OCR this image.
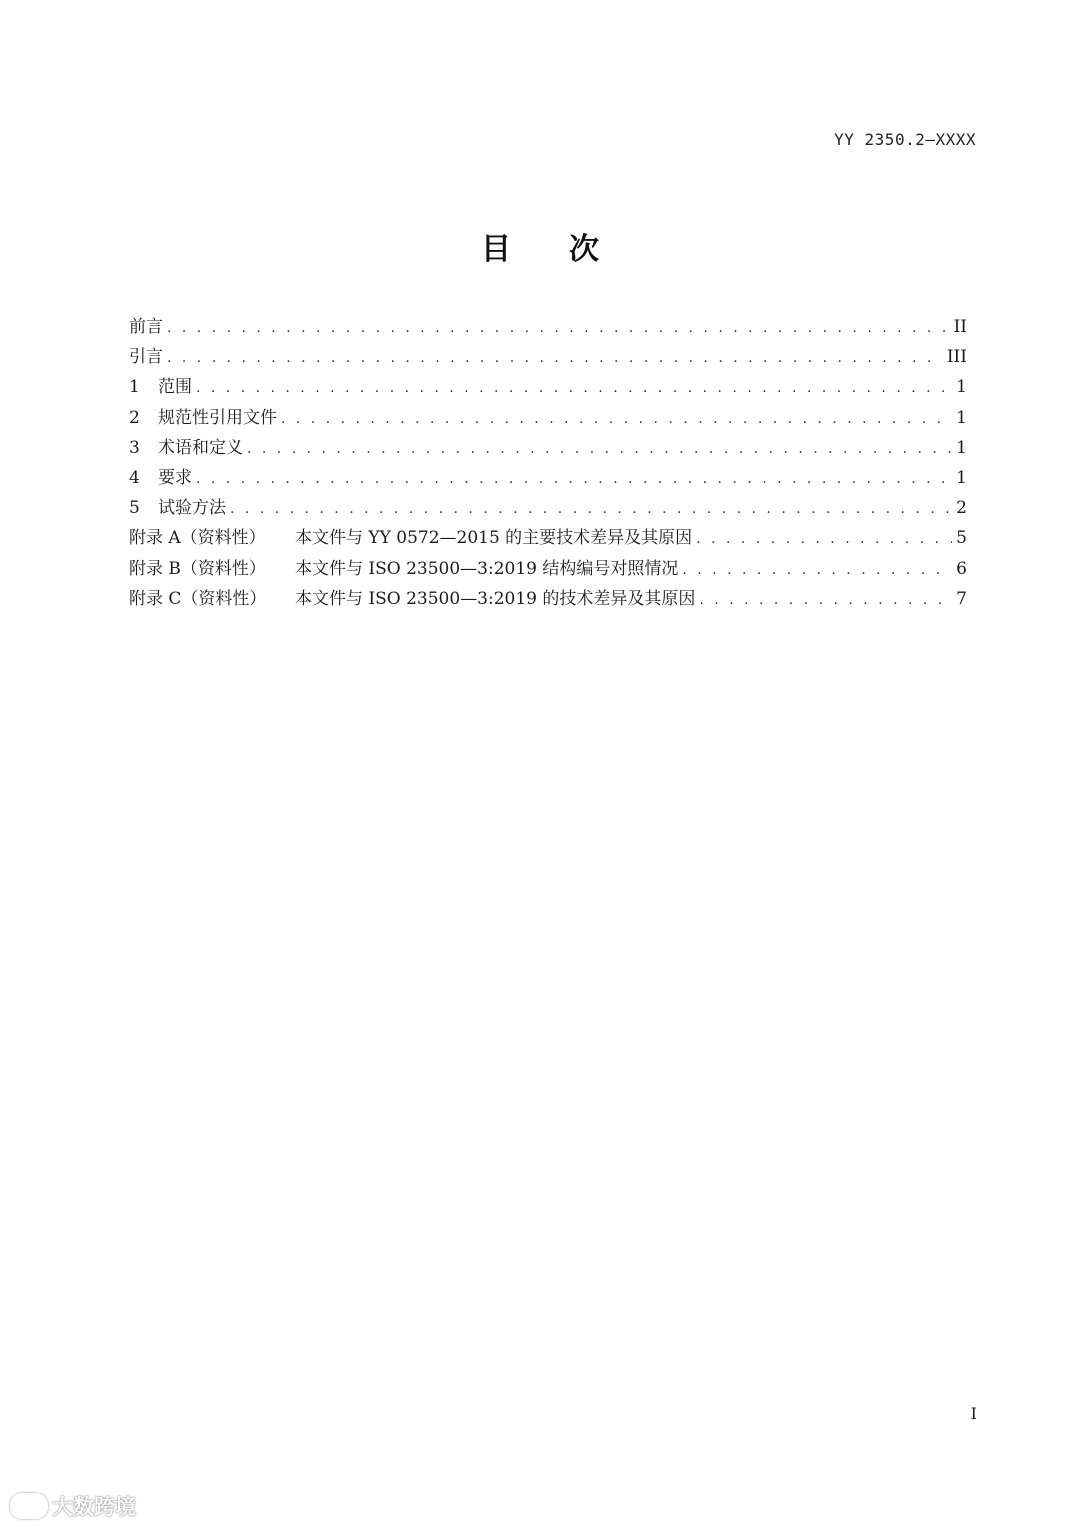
YY 2350.2—XXXX
目 次
前言 . . .	II
引言 . . .	III
1	范围 . . .	1
2	规范性引用文件 . . .	1
3	术语和定义 . . .	1
4	要求 . . .	1
5	试验方法 . . .	2
附录 A（资料性）	本文件与 YY 0572—2015 的主要技术差异及其原因 . . .	5
附录 B（资料性）	本文件与 ISO 23500—3:2019 结构编号对照情况 . . .	6
附录 C（资料性）	本文件与 ISO 23500—3:2019 的技术差异及其原因 . . .	7
I
大数跨境
